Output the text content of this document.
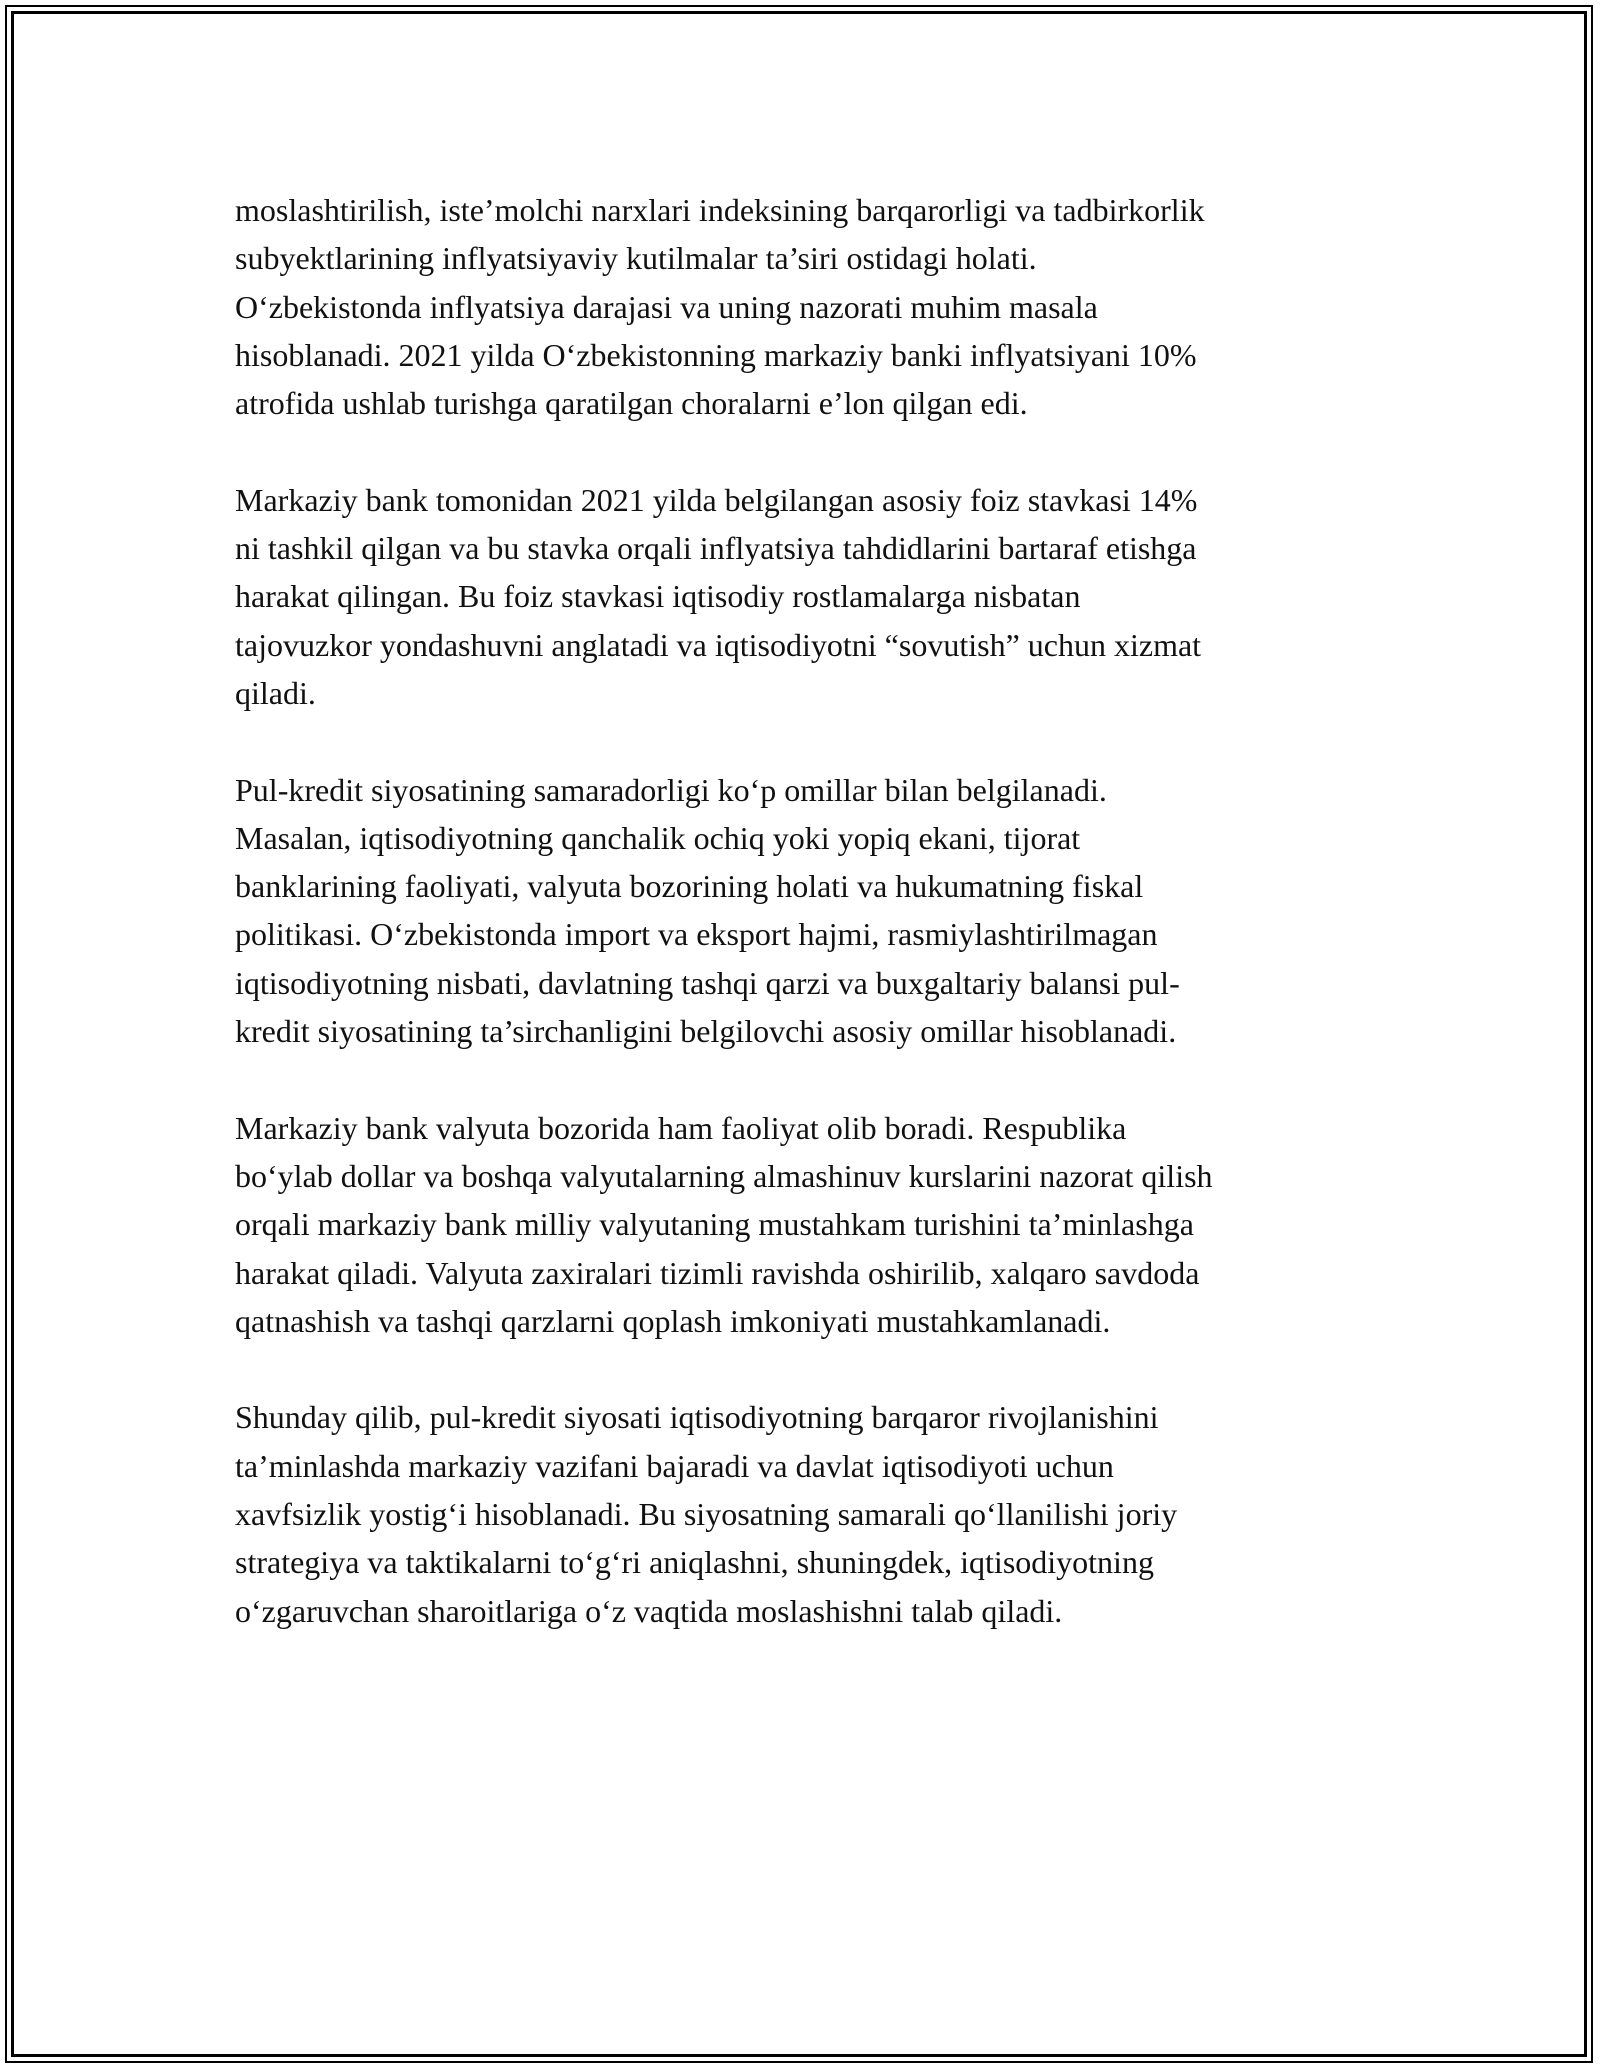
moslashtirilish, iste’molchi narxlari indeksining barqarorligi va tadbirkorlik
subyektlarining inflyatsiyaviy kutilmalar ta’siri ostidagi holati.
O‘zbekistonda inflyatsiya darajasi va uning nazorati muhim masala
hisoblanadi. 2021 yilda O‘zbekistonning markaziy banki inflyatsiyani 10%
atrofida ushlab turishga qaratilgan choralarni e’lon qilgan edi.

Markaziy bank tomonidan 2021 yilda belgilangan asosiy foiz stavkasi 14%
ni tashkil qilgan va bu stavka orqali inflyatsiya tahdidlarini bartaraf etishga
harakat qilingan. Bu foiz stavkasi iqtisodiy rostlamalarga nisbatan
tajovuzkor yondashuvni anglatadi va iqtisodiyotni “sovutish” uchun xizmat
qiladi.

Pul-kredit siyosatining samaradorligi ko‘p omillar bilan belgilanadi.
Masalan, iqtisodiyotning qanchalik ochiq yoki yopiq ekani, tijorat
banklarining faoliyati, valyuta bozorining holati va hukumatning fiskal
politikasi. O‘zbekistonda import va eksport hajmi, rasmiylashtirilmagan
iqtisodiyotning nisbati, davlatning tashqi qarzi va buxgaltariy balansi pul-
kredit siyosatining ta’sirchanligini belgilovchi asosiy omillar hisoblanadi.

Markaziy bank valyuta bozorida ham faoliyat olib boradi. Respublika
bo‘ylab dollar va boshqa valyutalarning almashinuv kurslarini nazorat qilish
orqali markaziy bank milliy valyutaning mustahkam turishini ta’minlashga
harakat qiladi. Valyuta zaxiralari tizimli ravishda oshirilib, xalqaro savdoda
qatnashish va tashqi qarzlarni qoplash imkoniyati mustahkamlanadi.

Shunday qilib, pul-kredit siyosati iqtisodiyotning barqaror rivojlanishini
ta’minlashda markaziy vazifani bajaradi va davlat iqtisodiyoti uchun
xavfsizlik yostig‘i hisoblanadi. Bu siyosatning samarali qo‘llanilishi joriy
strategiya va taktikalarni to‘g‘ri aniqlashni, shuningdek, iqtisodiyotning
o‘zgaruvchan sharoitlariga o‘z vaqtida moslashishni talab qiladi.
